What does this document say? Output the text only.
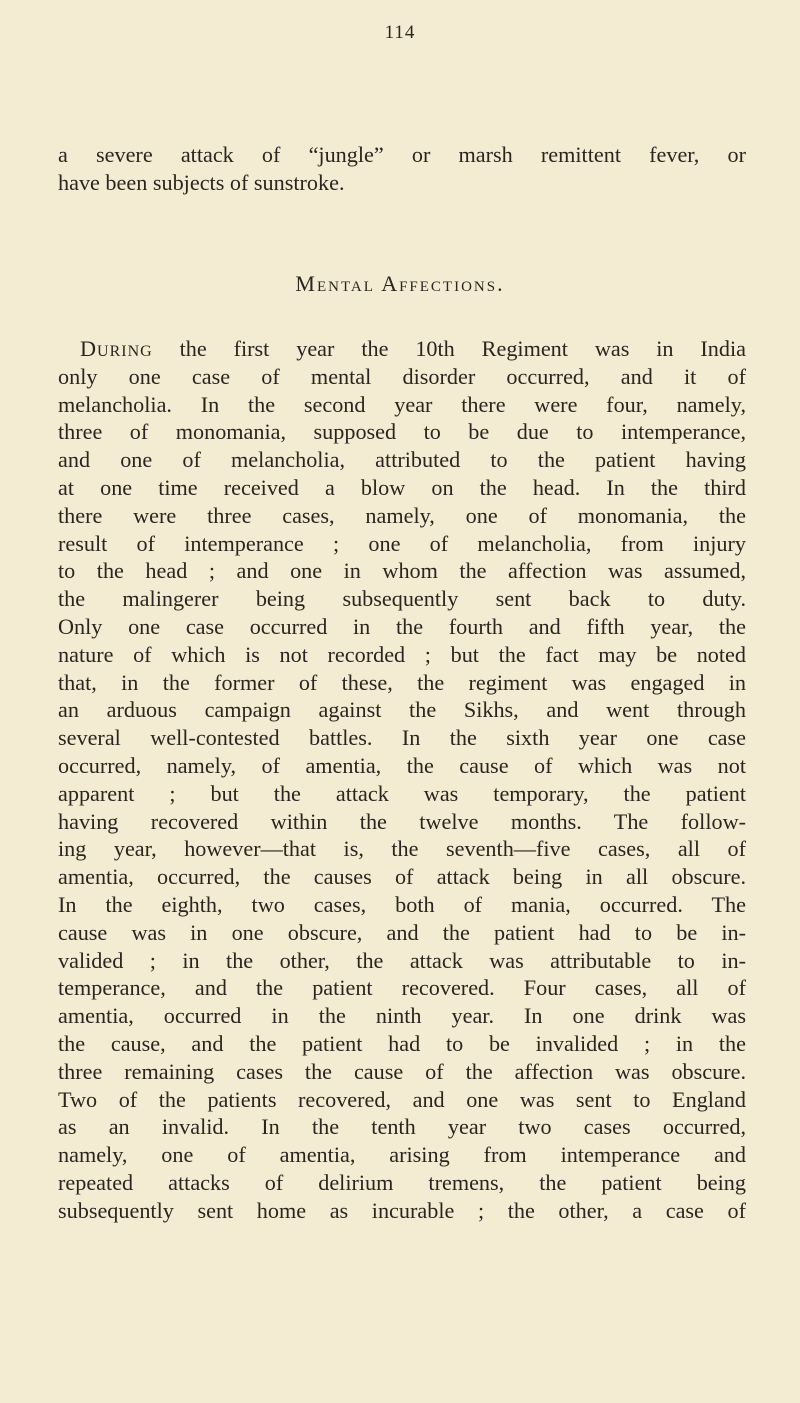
114
a severe attack of “jungle” or marsh remittent fever, or
have been subjects of sunstroke.
Mental Affections.
During the first year the 10th Regiment was in India
only one case of mental disorder occurred, and it of
melancholia. In the second year there were four, namely,
three of monomania, supposed to be due to intemperance,
and one of melancholia, attributed to the patient having
at one time received a blow on the head. In the third
there were three cases, namely, one of monomania, the
result of intemperance ; one of melancholia, from injury
to the head ; and one in whom the affection was assumed,
the malingerer being subsequently sent back to duty.
Only one case occurred in the fourth and fifth year, the
nature of which is not recorded ; but the fact may be noted
that, in the former of these, the regiment was engaged in
an arduous campaign against the Sikhs, and went through
several well-contested battles. In the sixth year one case
occurred, namely, of amentia, the cause of which was not
apparent ; but the attack was temporary, the patient
having recovered within the twelve months. The follow-
ing year, however—that is, the seventh—five cases, all of
amentia, occurred, the causes of attack being in all obscure.
In the eighth, two cases, both of mania, occurred. The
cause was in one obscure, and the patient had to be in-
valided ; in the other, the attack was attributable to in-
temperance, and the patient recovered. Four cases, all of
amentia, occurred in the ninth year. In one drink was
the cause, and the patient had to be invalided ; in the
three remaining cases the cause of the affection was obscure.
Two of the patients recovered, and one was sent to England
as an invalid. In the tenth year two cases occurred,
namely, one of amentia, arising from intemperance and
repeated attacks of delirium tremens, the patient being
subsequently sent home as incurable ; the other, a case of
